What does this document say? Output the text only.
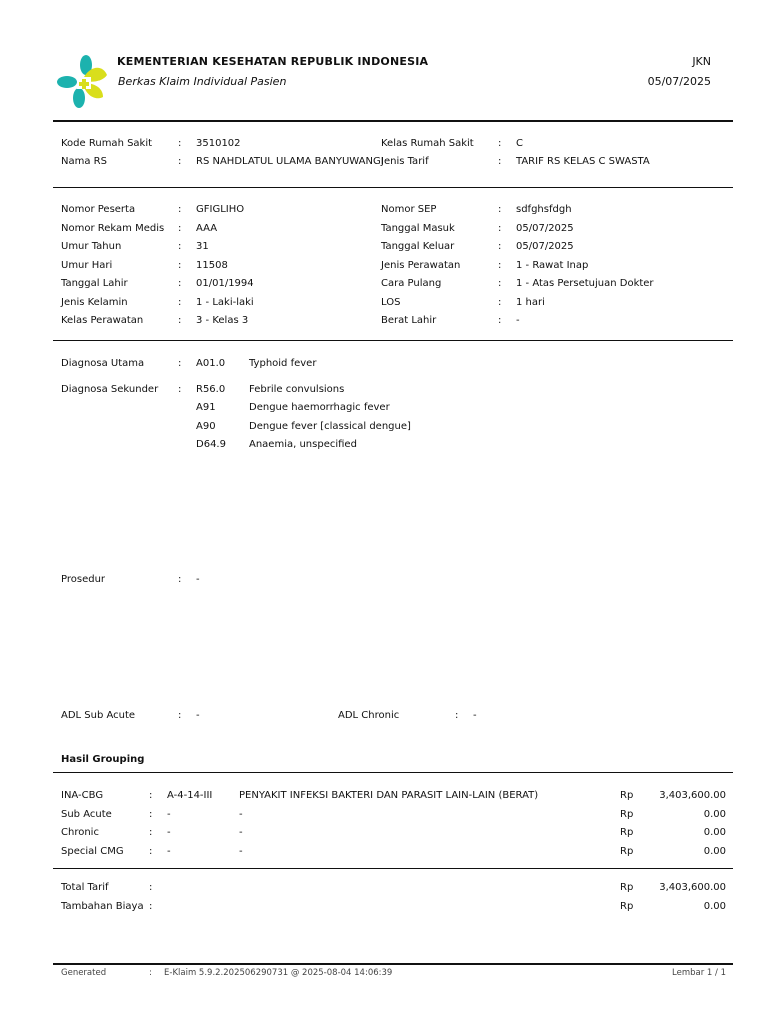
KEMENTERIAN KESEHATAN REPUBLIK INDONESIA
Berkas Klaim Individual Pasien
JKN
05/07/2025
Kode Rumah Sakit	: 3510102
Nama RS	: RS NAHDLATUL ULAMA BANYUWANGI
Kelas Rumah Sakit : C
Jenis Tarif	: TARIF RS KELAS C SWASTA
Nomor Peserta	: GFIGLIHO
Nomor Rekam Medis : AAA
Umur Tahun	: 31
Umur Hari	: 11508
Tanggal Lahir	: 01/01/1994
Jenis Kelamin	: 1 - Laki-laki
Kelas Perawatan	: 3 - Kelas 3
Nomor SEP	: sdfghsfdgh
Tanggal Masuk	: 05/07/2025
Tanggal Keluar	: 05/07/2025
Jenis Perawatan	: 1 - Rawat Inap
Cara Pulang	: 1 - Atas Persetujuan Dokter
LOS	: 1 hari
Berat Lahir	: -
Diagnosa Utama	: A01.0 Typhoid fever
Diagnosa Sekunder : R56.0 Febrile convulsions
A91	Dengue haemorrhagic fever
A90	Dengue fever [classical dengue]
D64.9 Anaemia, unspecified
Prosedur	: -
ADL Sub Acute	: -	ADL Chronic	: -
Hasil Grouping
INA-CBG	: A-4-14-III	PENYAKIT INFEKSI BAKTERI DAN PARASIT LAIN-LAIN (BERAT)	Rp	3,403,600.00
Sub Acute	: -	-	Rp	0.00
Chronic	: -	-	Rp	0.00
Special CMG	: -	-	Rp	0.00
Total Tarif	:	Rp	3,403,600.00
Tambahan Biaya :	Rp	0.00
Generated	: E-Klaim 5.9.2.202506290731 @ 2025-08-04 14:06:39	Lembar 1 / 1
